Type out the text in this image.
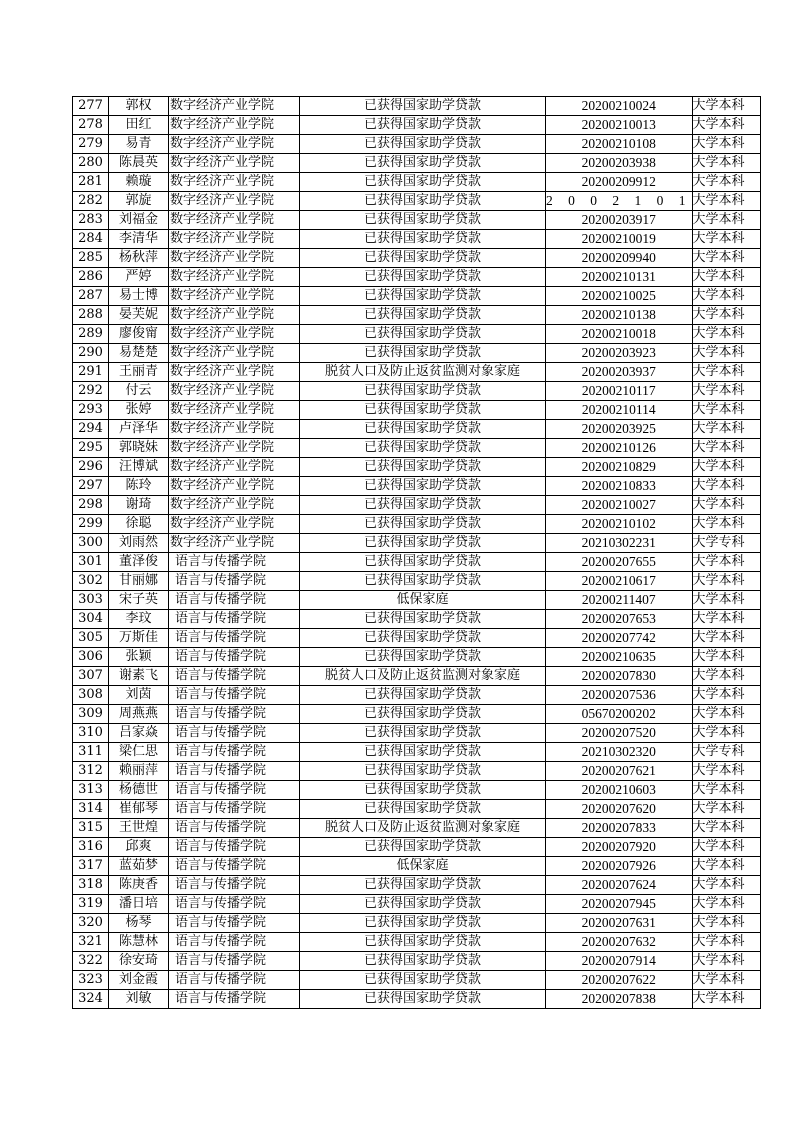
277	郭权	数字经济产业学院	已获得国家助学贷款	20200210024	大学本科
278	田红	数字经济产业学院	已获得国家助学贷款	20200210013	大学本科
279	易青	数字经济产业学院	已获得国家助学贷款	20200210108	大学本科
280	陈晨英	数字经济产业学院	已获得国家助学贷款	20200203938	大学本科
281	赖璇	数字经济产业学院	已获得国家助学贷款	20200209912	大学本科
282	郭旋	数字经济产业学院	已获得国家助学贷款	2 0 0 2 1 0 1	大学本科
283	刘福金	数字经济产业学院	已获得国家助学贷款	20200203917	大学本科
284	李清华	数字经济产业学院	已获得国家助学贷款	20200210019	大学本科
285	杨秋萍	数字经济产业学院	已获得国家助学贷款	20200209940	大学本科
286	严婷	数字经济产业学院	已获得国家助学贷款	20200210131	大学本科
287	易士博	数字经济产业学院	已获得国家助学贷款	20200210025	大学本科
288	晏芙妮	数字经济产业学院	已获得国家助学贷款	20200210138	大学本科
289	廖俊甯	数字经济产业学院	已获得国家助学贷款	20200210018	大学本科
290	易楚楚	数字经济产业学院	已获得国家助学贷款	20200203923	大学本科
291	王丽青	数字经济产业学院	脱贫人口及防止返贫监测对象家庭	20200203937	大学本科
292	付云	数字经济产业学院	已获得国家助学贷款	20200210117	大学本科
293	张婷	数字经济产业学院	已获得国家助学贷款	20200210114	大学本科
294	卢泽华	数字经济产业学院	已获得国家助学贷款	20200203925	大学本科
295	郭晓妹	数字经济产业学院	已获得国家助学贷款	20200210126	大学本科
296	汪博斌	数字经济产业学院	已获得国家助学贷款	20200210829	大学本科
297	陈玲	数字经济产业学院	已获得国家助学贷款	20200210833	大学本科
298	谢琦	数字经济产业学院	已获得国家助学贷款	20200210027	大学本科
299	徐聪	数字经济产业学院	已获得国家助学贷款	20200210102	大学本科
300	刘雨然	数字经济产业学院	已获得国家助学贷款	20210302231	大学专科
301	董泽俊	语言与传播学院	已获得国家助学贷款	20200207655	大学本科
302	甘丽娜	语言与传播学院	已获得国家助学贷款	20200210617	大学本科
303	宋子英	语言与传播学院	低保家庭	20200211407	大学本科
304	李玟	语言与传播学院	已获得国家助学贷款	20200207653	大学本科
305	万斯佳	语言与传播学院	已获得国家助学贷款	20200207742	大学本科
306	张颖	语言与传播学院	已获得国家助学贷款	20200210635	大学本科
307	谢素飞	语言与传播学院	脱贫人口及防止返贫监测对象家庭	20200207830	大学本科
308	刘茵	语言与传播学院	已获得国家助学贷款	20200207536	大学本科
309	周燕燕	语言与传播学院	已获得国家助学贷款	05670200202	大学本科
310	吕家焱	语言与传播学院	已获得国家助学贷款	20200207520	大学本科
311	梁仁思	语言与传播学院	已获得国家助学贷款	20210302320	大学专科
312	赖丽萍	语言与传播学院	已获得国家助学贷款	20200207621	大学本科
313	杨德世	语言与传播学院	已获得国家助学贷款	20200210603	大学本科
314	崔郁琴	语言与传播学院	已获得国家助学贷款	20200207620	大学本科
315	王世煌	语言与传播学院	脱贫人口及防止返贫监测对象家庭	20200207833	大学本科
316	邱爽	语言与传播学院	已获得国家助学贷款	20200207920	大学本科
317	蓝茹梦	语言与传播学院	低保家庭	20200207926	大学本科
318	陈庚香	语言与传播学院	已获得国家助学贷款	20200207624	大学本科
319	潘日培	语言与传播学院	已获得国家助学贷款	20200207945	大学本科
320	杨琴	语言与传播学院	已获得国家助学贷款	20200207631	大学本科
321	陈慧林	语言与传播学院	已获得国家助学贷款	20200207632	大学本科
322	徐安琦	语言与传播学院	已获得国家助学贷款	20200207914	大学本科
323	刘金霞	语言与传播学院	已获得国家助学贷款	20200207622	大学本科
324	刘敏	语言与传播学院	已获得国家助学贷款	20200207838	大学本科
